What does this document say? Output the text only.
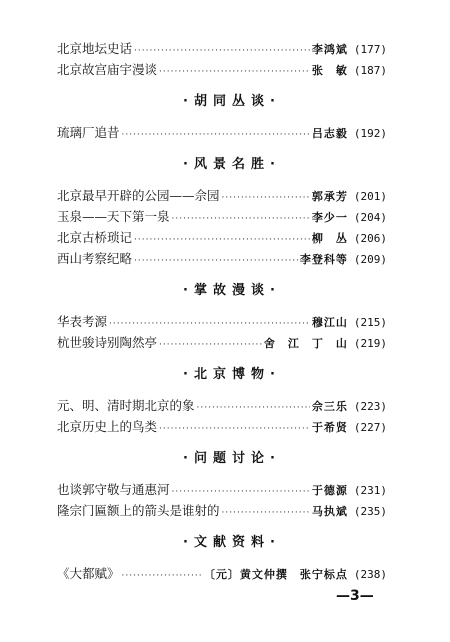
北京地坛史话 ·····	李鸿斌 (177)
北京故宫庙宇漫谈 ·····	张　敏 (187)
·胡同丛谈·
琉璃厂追昔 ·····	吕志毅 (192)
·风景名胜·
北京最早开辟的公园——佘园 ·····	郭承芳 (201)
玉泉——天下第一泉 ·····	李少一 (204)
北京古桥琐记 ·····	柳　丛 (206)
西山考察纪略 ·····	李登科等 (209)
·掌故漫谈·
华表考源 ·····	穆江山 (215)
杭世骏诗别陶然亭 ·····	舍　江　丁　山 (219)
·北京博物·
元、明、清时期北京的象 ·····	佘三乐 (223)
北京历史上的鸟类 ·····	于希贤 (227)
·问题讨论·
也谈郭守敬与通惠河 ·····	于德源 (231)
隆宗门匾额上的箭头是谁射的 ·····	马执斌 (235)
·文献资料·
《大都赋》 ·····	〔元〕黄文仲撰　张宁标点 (238)
—3—
